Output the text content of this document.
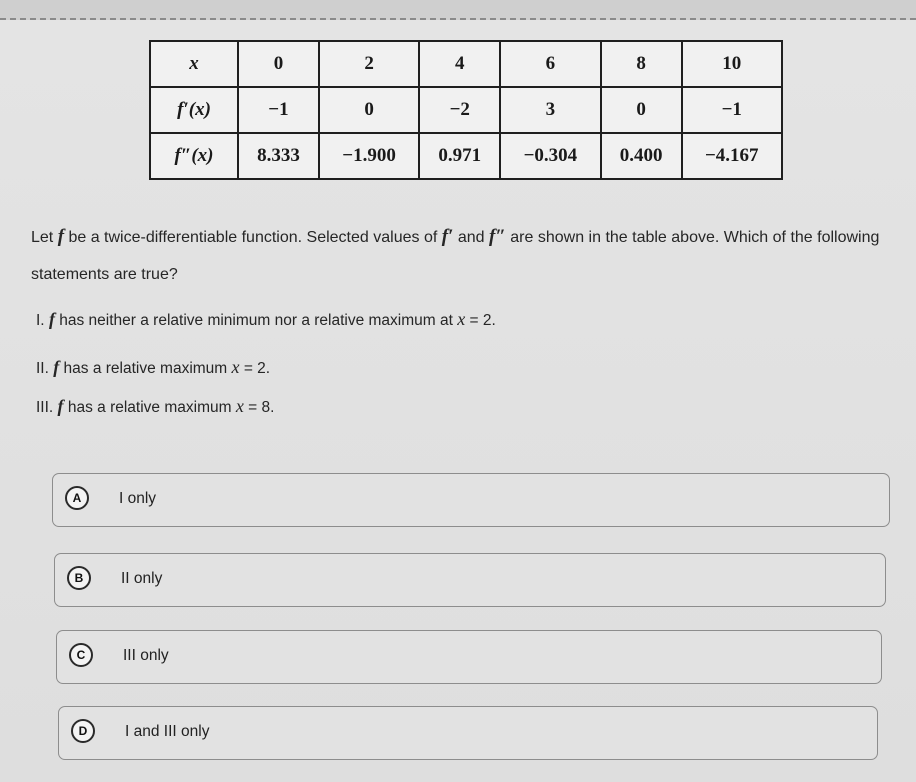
x	0	2	4	6	8	10
f′(x)	−1	0	−2	3	0	−1
f″(x)	8.333	−1.900	0.971	−0.304	0.400	−4.167
Let f be a twice-differentiable function. Selected values of f′ and f″ are shown in the table above. Which of the following statements are true?
I. f has neither a relative minimum nor a relative maximum at x = 2.
II. f has a relative maximum x = 2.
III. f has a relative maximum x = 8.
A	I only
B	II only
C	III only
D	I and III only
